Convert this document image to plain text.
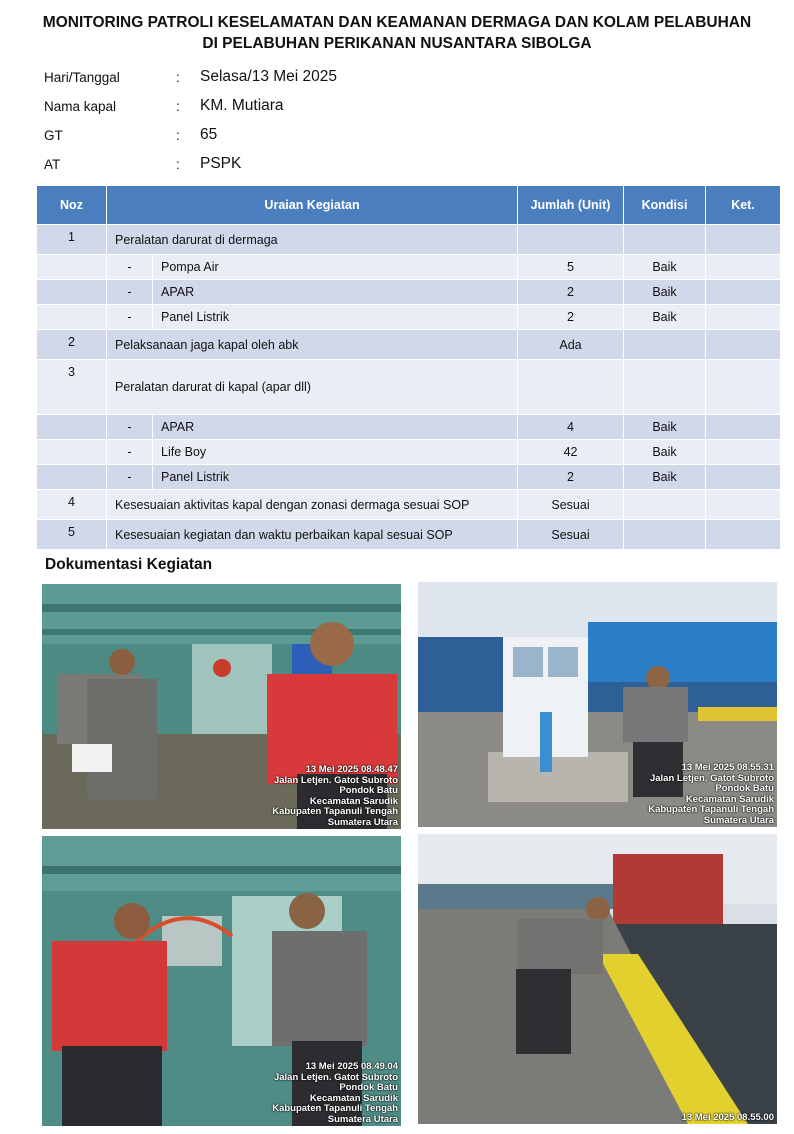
MONITORING PATROLI KESELAMATAN DAN KEAMANAN DERMAGA DAN KOLAM PELABUHAN
DI PELABUHAN PERIKANAN NUSANTARA SIBOLGA
Hari/Tanggal	: Selasa/13 Mei 2025
Nama kapal	: KM. Mutiara
GT	: 65
AT	: PSPK
Noz	Uraian Kegiatan		Jumlah (Unit)	Kondisi	Ket.
1	Peralatan darurat di dermaga				
	-	Pompa Air	5	Baik	
	-	APAR	2	Baik	
	-	Panel Listrik	2	Baik	
2	Pelaksanaan jaga kapal oleh abk		Ada		
3	Peralatan darurat di kapal (apar dll)				
	-	APAR	4	Baik	
	-	Life Boy	42	Baik	
	-	Panel Listrik	2	Baik	
4	Kesesuaian aktivitas kapal dengan zonasi dermaga sesuai SOP		Sesuai		
5	Kesesuaian kegiatan dan waktu perbaikan kapal sesuai SOP		Sesuai		
Dokumentasi Kegiatan
13 Mei 2025 08.48.47
Jalan Letjen. Gatot Subroto
Pondok Batu
Kecamatan Sarudik
Kabupaten Tapanuli Tengah
Sumatera Utara
13 Mei 2025 08.55.31
Jalan Letjen. Gatot Subroto
Pondok Batu
Kecamatan Sarudik
Kabupaten Tapanuli Tengah
Sumatera Utara
13 Mei 2025 08.49.04
Jalan Letjen. Gatot Subroto
Pondok Batu
Kecamatan Sarudik
Kabupaten Tapanuli Tengah
Sumatera Utara	13 Mei 2025 08.55.00
